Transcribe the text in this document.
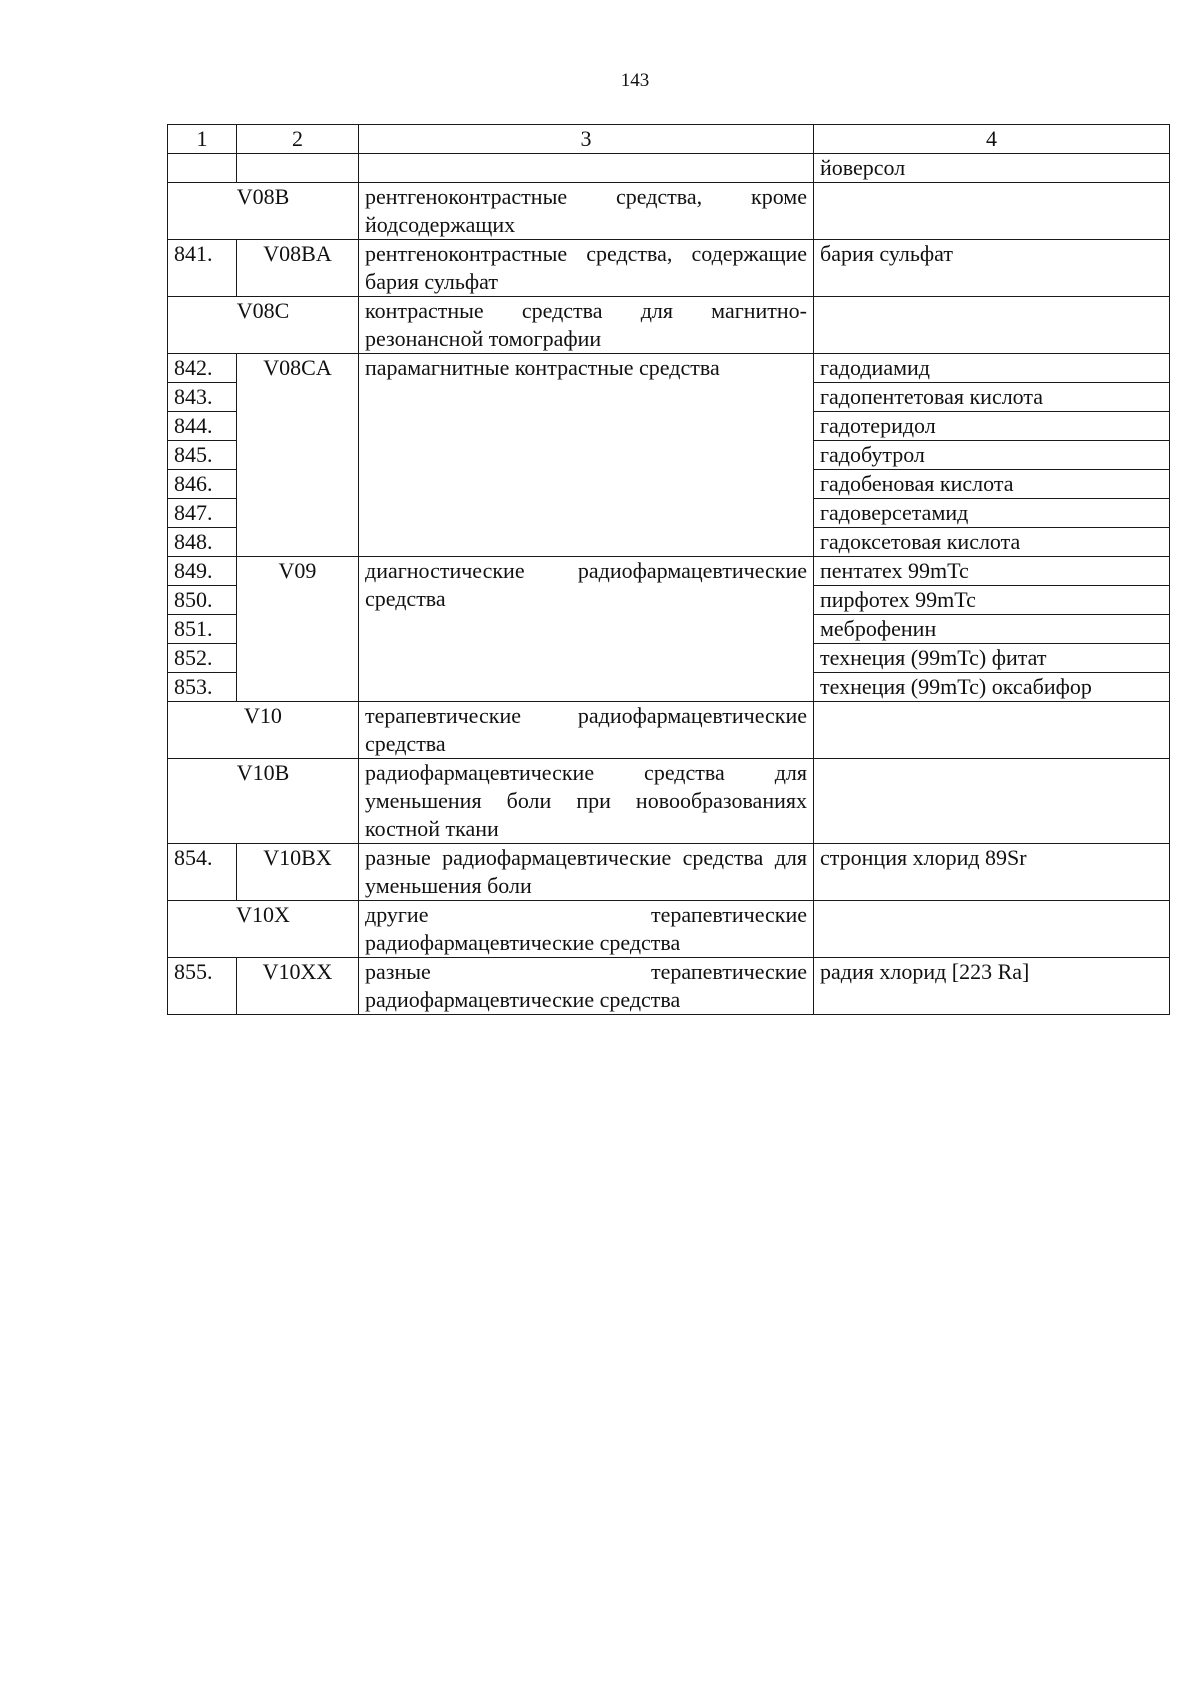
143
1	2	3	4
			йоверсол
V08B		рентгеноконтрастные средства, кроме йодсодержащих	
841.	V08BA	рентгеноконтрастные средства, содержащие бария сульфат	бария сульфат
V08C		контрастные средства для магнитно-резонансной томографии	
842.	V08CA	парамагнитные контрастные средства	гадодиамид
843.			гадопентетовая кислота
844.			гадотеридол
845.			гадобутрол
846.			гадобеновая кислота
847.			гадоверсетамид
848.			гадоксетовая кислота
849.	V09	диагностические радиофармацевтические средства	пентатех 99mTc
850.			пирфотех 99mTc
851.			меброфенин
852.			технеция (99mTc) фитат
853.			технеция (99mTc) оксабифор
V10		терапевтические радиофармацевтические средства	
V10B		радиофармацевтические средства для уменьшения боли при новообразованиях костной ткани	
854.	V10BX	разные радиофармацевтические средства для уменьшения боли	стронция хлорид 89Sr
V10X		другие терапевтические радиофармацевтические средства	
855.	V10XX	разные терапевтические радиофармацевтические средства	радия хлорид [223 Ra]
